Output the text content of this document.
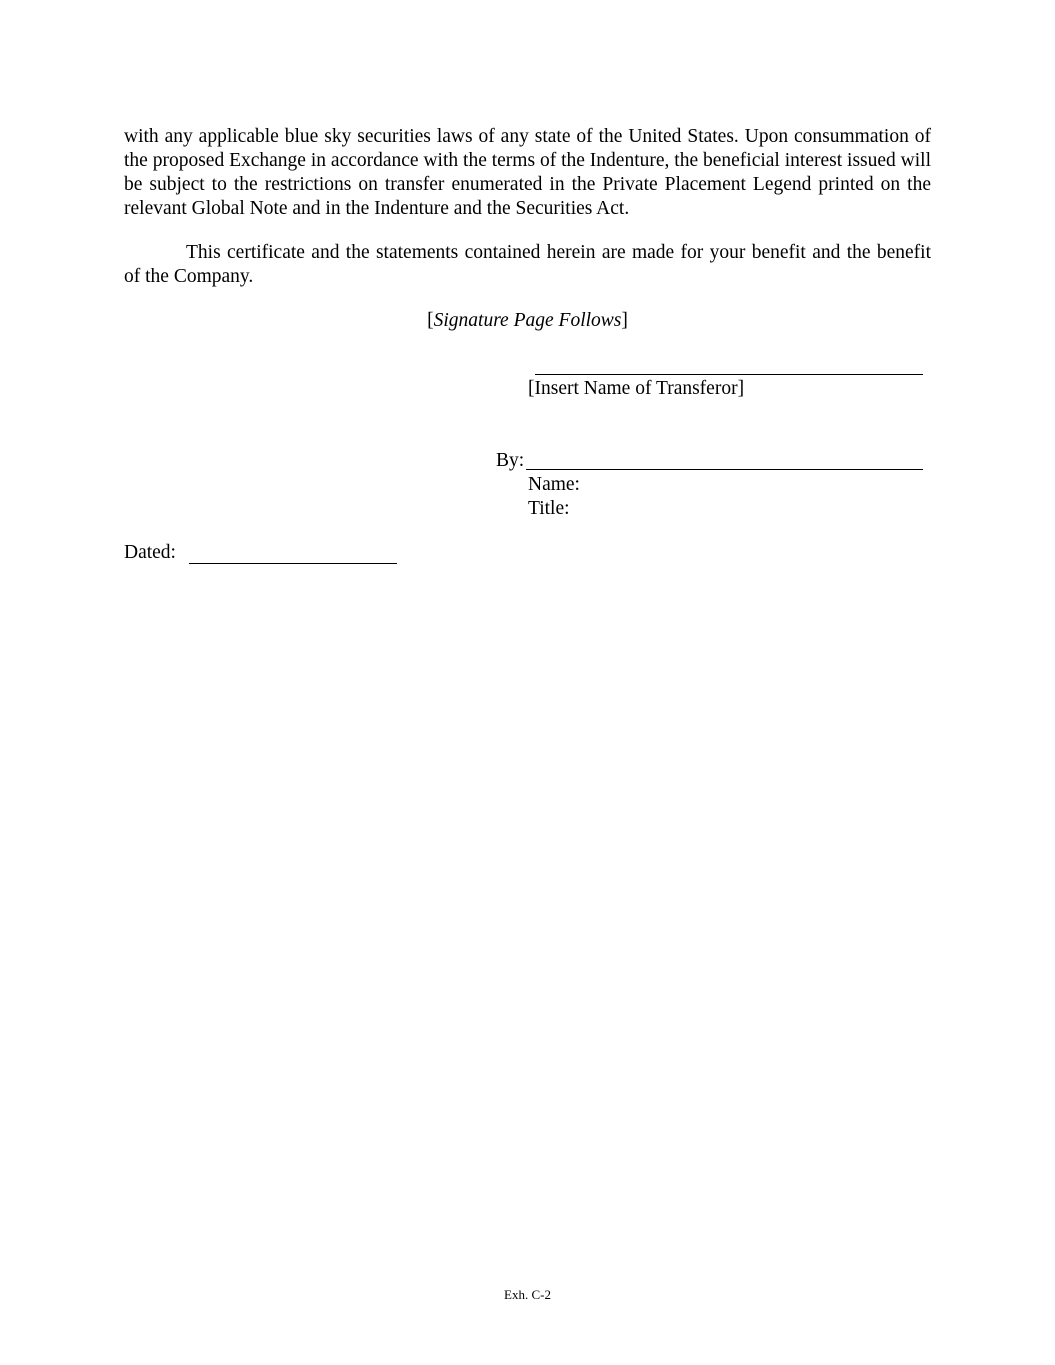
with any applicable blue sky securities laws of any state of the United States. Upon consummation of the proposed Exchange in accordance with the terms of the Indenture, the beneficial interest issued will be subject to the restrictions on transfer enumerated in the Private Placement Legend printed on the relevant Global Note and in the Indenture and the Securities Act.

This certificate and the statements contained herein are made for your benefit and the benefit of the Company.

[Signature Page Follows]
[Insert Name of Transferor]
By:
Name:
Title:
Dated:
Exh. C-2
